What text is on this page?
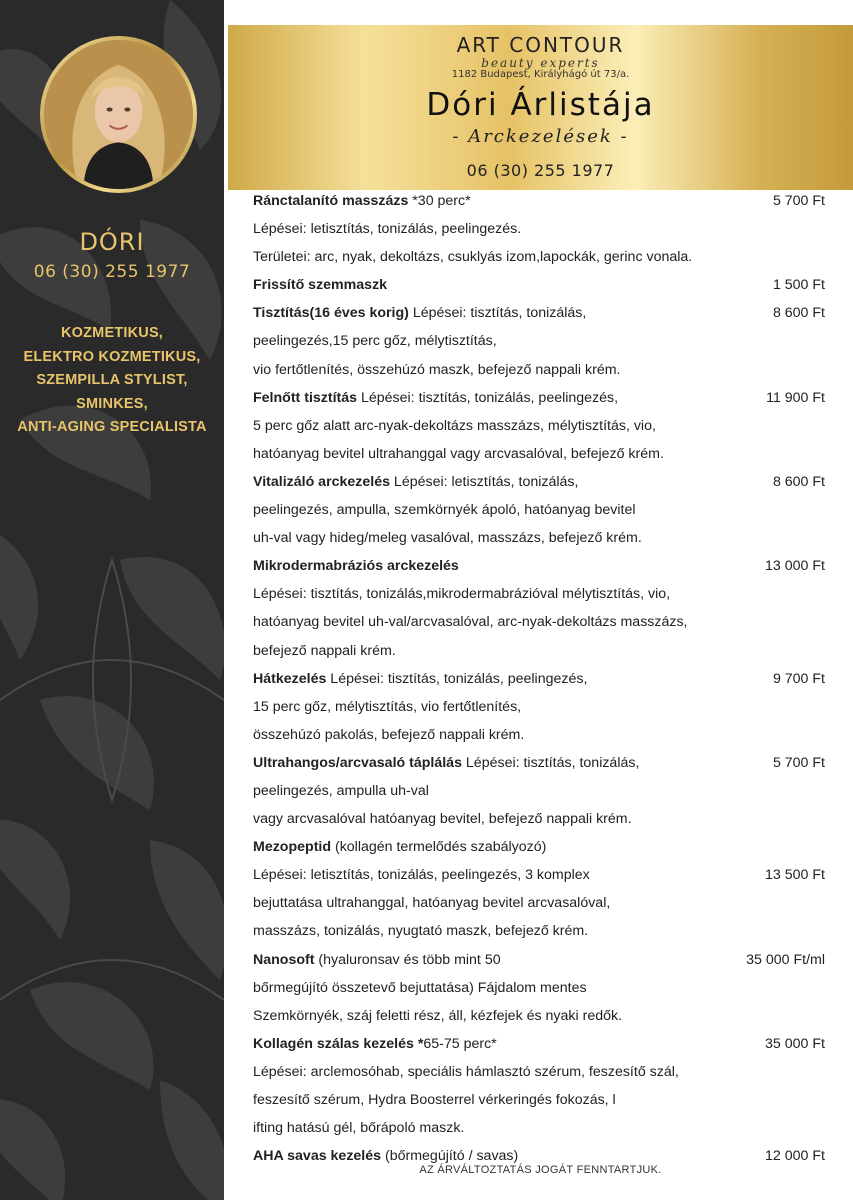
DÓRI
06 (30) 255 1977
KOZMETIKUS,
ELEKTRO KOZMETIKUS,
SZEMPILLA STYLIST,
SMINKES,
ANTI-AGING SPECIALISTA
ART CONTOUR
beauty experts
1182 Budapest, Királyhágó út 73/a.
Dóri Árlistája
- Arckezelések -
06 (30) 255 1977
Ránctalanító masszázs *30 perc*
Lépései: letisztítás, tonizálás, peelingezés.
Területei: arc, nyak, dekoltázs, csuklyás izom,lapockák, gerinc vonala.
5 700 Ft
Frissítő szemmaszk	1 500 Ft
Tisztítás(16 éves korig) Lépései: tisztítás, tonizálás,
peelingezés,15 perc gőz, mélytisztítás,
vio fertőtlenítés, összehúzó maszk, befejező nappali krém.
8 600 Ft
Felnőtt tisztítás Lépései: tisztítás, tonizálás, peelingezés,
5 perc gőz alatt arc-nyak-dekoltázs masszázs, mélytisztítás, vio,
hatóanyag bevitel ultrahanggal vagy arcvasalóval, befejező krém.
11 900 Ft
Vitalizáló arckezelés Lépései: letisztítás, tonizálás,
peelingezés, ampulla, szemkörnyék ápoló, hatóanyag bevitel
uh-val vagy hideg/meleg vasalóval, masszázs, befejező krém.
8 600 Ft
Mikrodermabráziós arckezelés
Lépései: tisztítás, tonizálás,mikrodermabrázióval mélytisztítás, vio,
hatóanyag bevitel uh-val/arcvasalóval, arc-nyak-dekoltázs masszázs,
befejező nappali krém.
13 000 Ft
Hátkezelés Lépései: tisztítás, tonizálás, peelingezés,
15 perc gőz, mélytisztítás, vio fertőtlenítés,
összehúzó pakolás, befejező nappali krém.
9 700 Ft
Ultrahangos/arcvasaló táplálás Lépései: tisztítás, tonizálás,
peelingezés, ampulla uh-val
vagy arcvasalóval hatóanyag bevitel, befejező nappali krém.
5 700 Ft
Mezopeptid (kollagén termelődés szabályozó)
Lépései: letisztítás, tonizálás, peelingezés, 3 komplex
bejuttatása ultrahanggal, hatóanyag bevitel arcvasalóval,
masszázs, tonizálás, nyugtató maszk, befejező krém.
13 500 Ft
Nanosoft (hyaluronsav és több mint 50
bőrmegújító összetevő bejuttatása) Fájdalom mentes
Szemkörnyék, száj feletti rész, áll, kézfejek és nyaki redők.
35 000 Ft/ml
Kollagén szálas kezelés *65-75 perc*
Lépései: arclemosóhab, speciális hámlasztó szérum, feszesítő szál,
feszesítő szérum, Hydra Boosterrel vérkeringés fokozás, l
ifting hatású gél, bőrápoló maszk.
35 000 Ft
AHA savas kezelés (bőrmegújító / savas)	12 000 Ft
AZ ÁRVÁLTOZTATÁS JOGÁT FENNTARTJUK.
